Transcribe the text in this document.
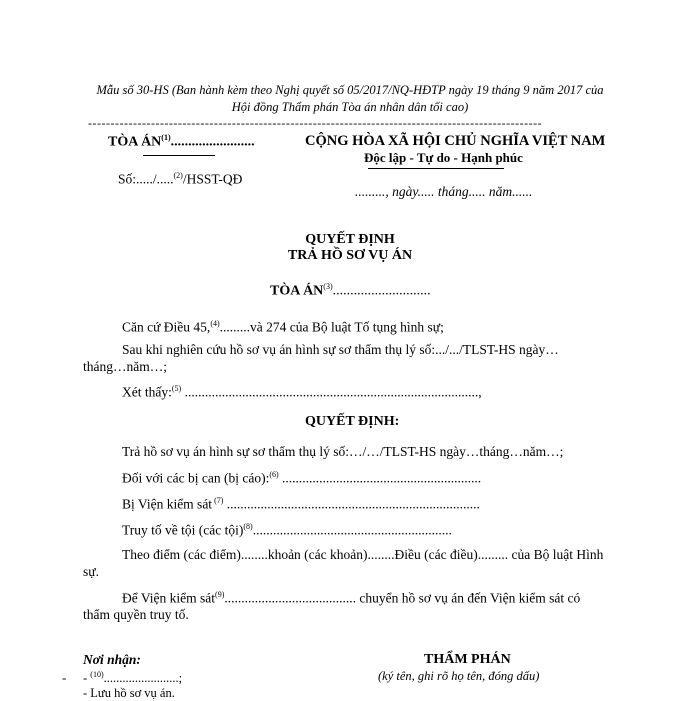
Mẫu số 30-HS (Ban hành kèm theo Nghị quyết số 05/2017/NQ-HĐTP ngày 19 tháng 9 năm 2017 của
Hội đồng Thẩm phán Tòa án nhân dân tối cao)
-----------------------------------------------------------------------------------------------------
TÒA ÁN$^{(1)}$........................
Số:...../.....$^{(2)}$/HSST-QĐ
CỘNG HÒA XÃ HỘI CHỦ NGHĨA VIỆT NAM
Độc lập - Tự do - Hạnh phúc
........., ngày..... tháng..... năm......
QUYẾT ĐỊNH
TRẢ HỒ SƠ VỤ ÁN
TÒA ÁN$^{(3)}$............................
Căn cứ Điều 45,$^{(4)}$.........và 274 của Bộ luật Tố tụng hình sự;
Sau khi nghiên cứu hồ sơ vụ án hình sự sơ thẩm thụ lý số:.../.../TLST-HS ngày…
tháng…năm…;
Xét thấy:$^{(5)}$ .......................................................................................,
QUYẾT ĐỊNH:
Trả hồ sơ vụ án hình sự sơ thẩm thụ lý số:…/…/TLST-HS ngày…tháng…năm…;
Đối với các bị can (bị cáo):$^{(6)}$ ...........................................................
Bị Viện kiểm sát $^{(7)}$ ...........................................................................
Truy tố về tội (các tội)$^{(8)}$...........................................................
Theo điểm (các điểm)........khoản (các khoản)........Điều (các điều)......... của Bộ luật Hình
sự.
Để Viện kiểm sát$^{(9)}$....................................... chuyển hồ sơ vụ án đến Viện kiểm sát có
thẩm quyền truy tố.
Nơi nhận:
- - $^{(10)}$........................;
- Lưu hồ sơ vụ án.
THẨM PHÁN
(ký tên, ghi rõ họ tên, đóng dấu)
